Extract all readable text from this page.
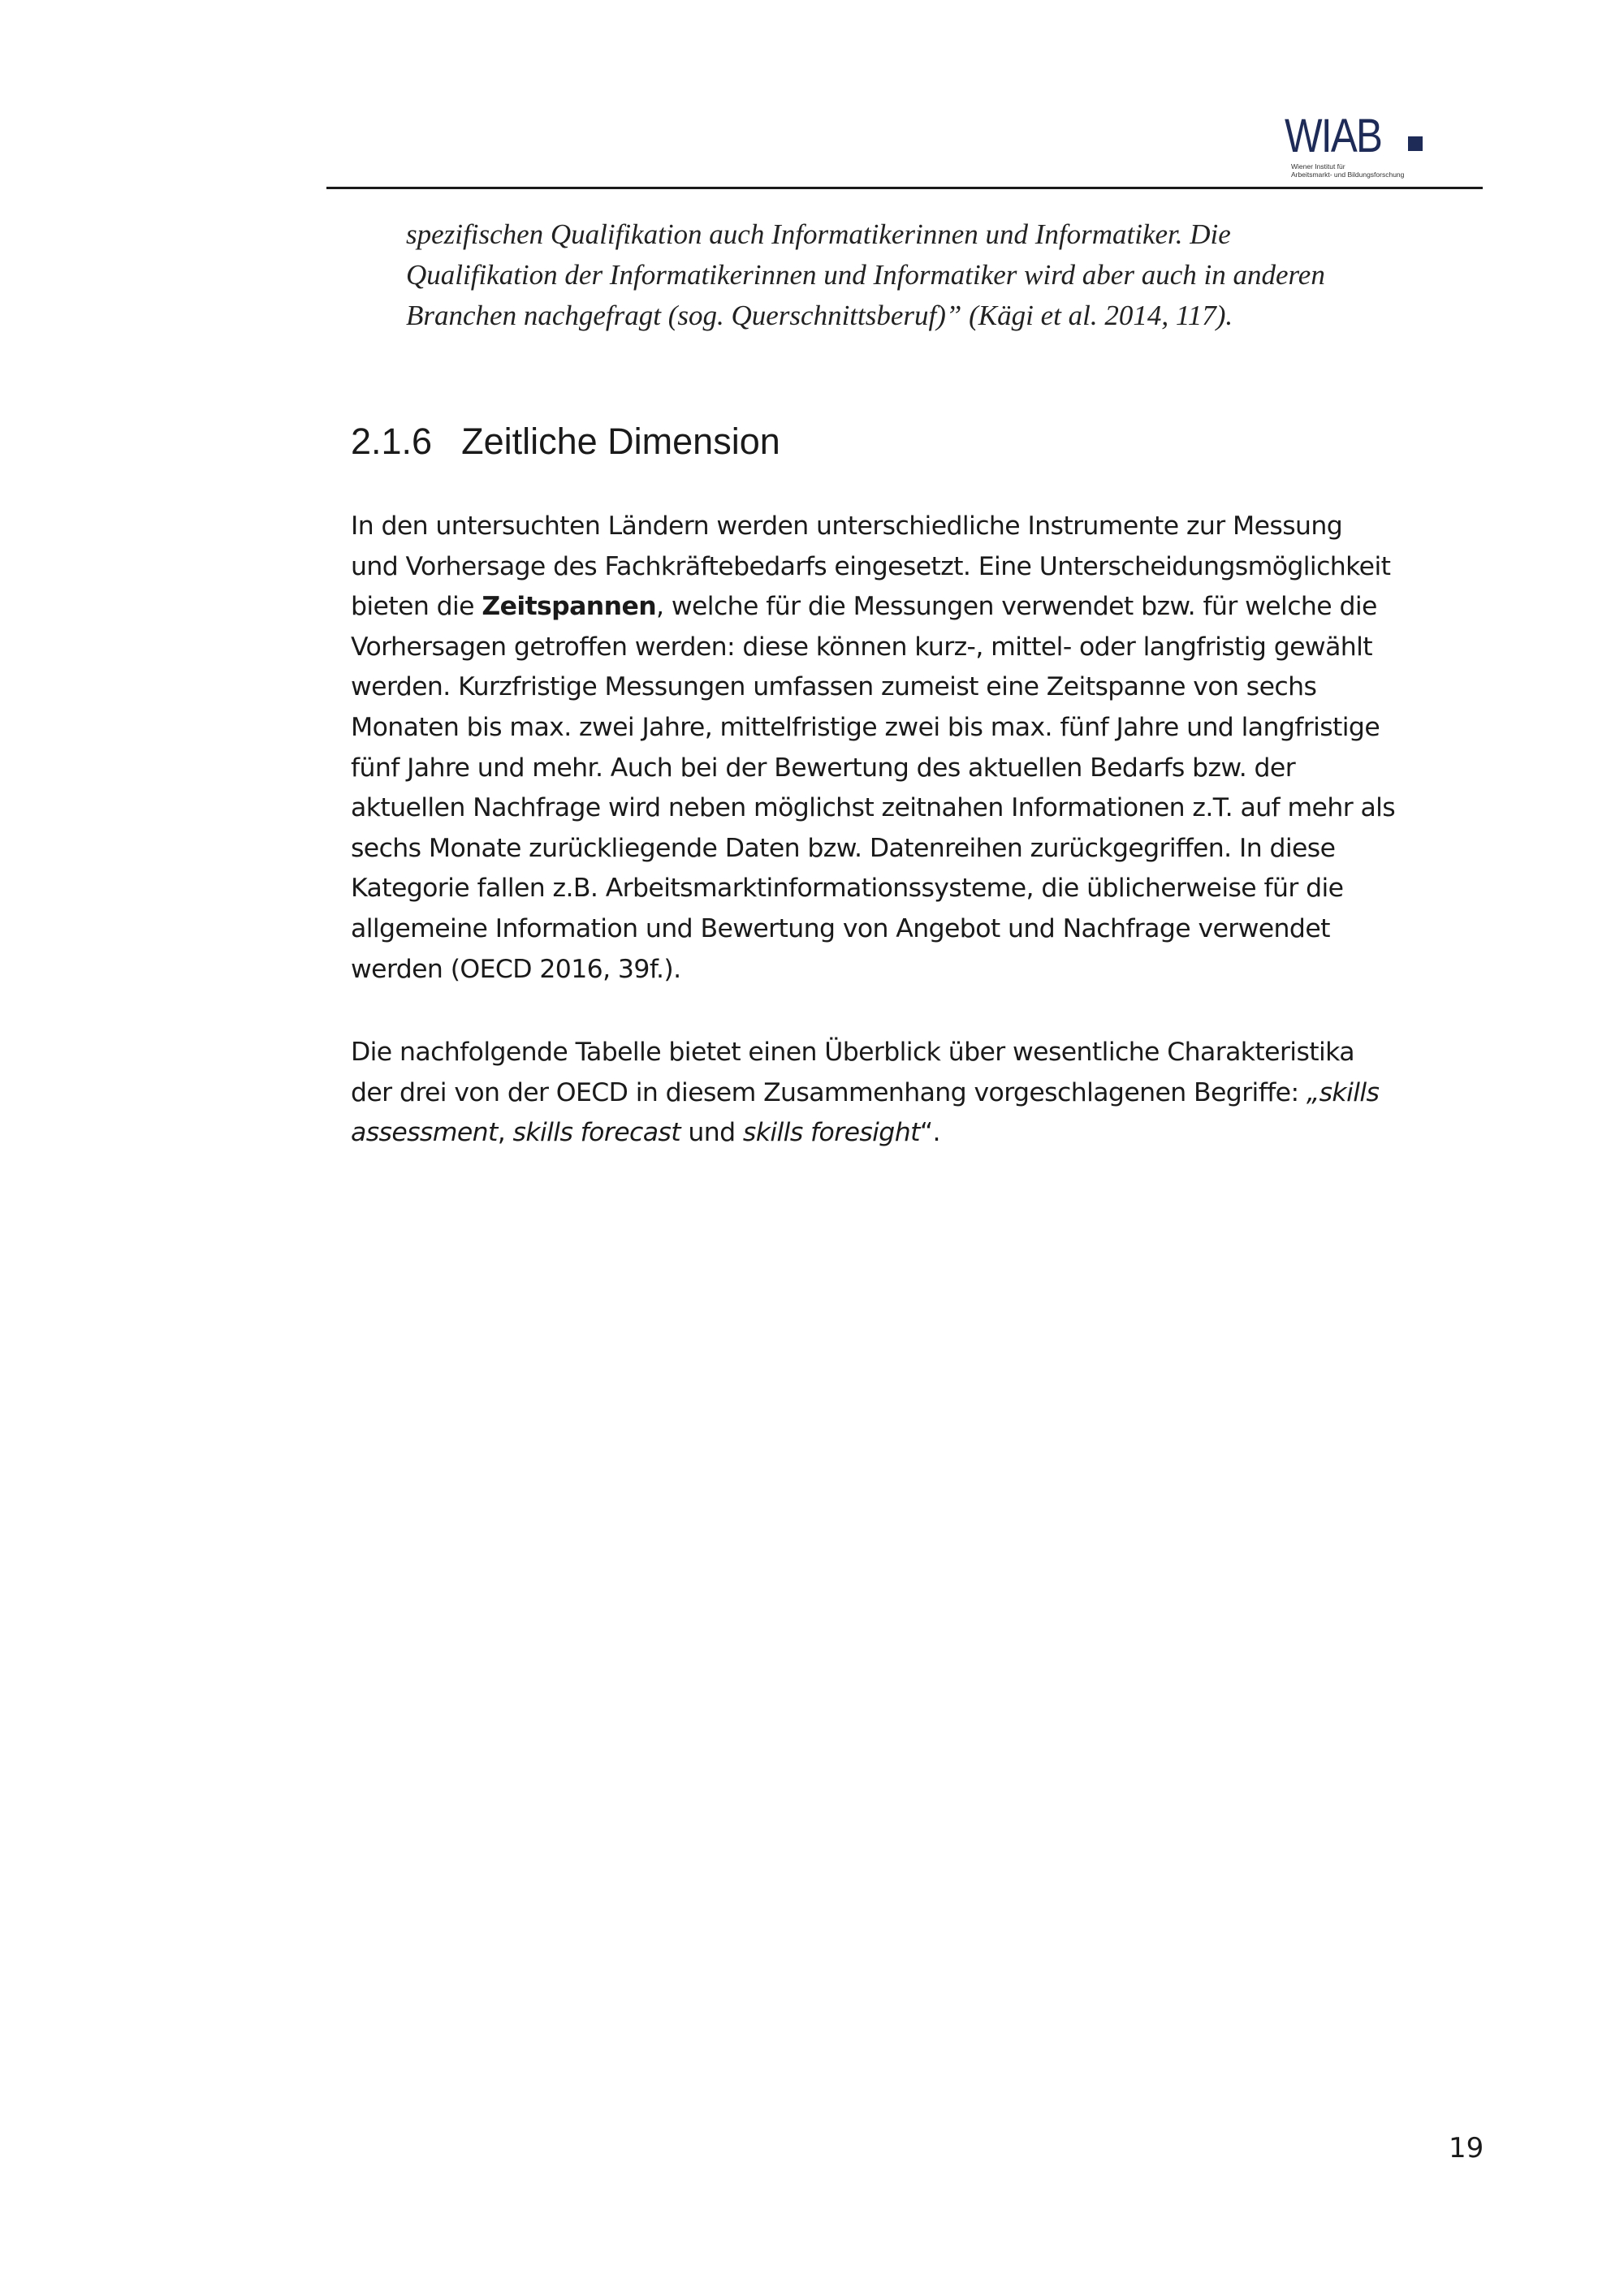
WIAB
Wiener Institut für
Arbeitsmarkt- und Bildungsforschung

spezifischen Qualifikation auch Informatikerinnen und Informatiker. Die

Qualifikation der Informatikerinnen und Informatiker wird aber auch in anderen

Branchen nachgefragt (sog. Querschnittsberuf)” (Kägi et al. 2014, 117).

2.1.6 Zeitliche Dimension

In den untersuchten Ländern werden unterschiedliche Instrumente zur Messung

und Vorhersage des Fachkräftebedarfs eingesetzt. Eine Unterscheidungsmöglichkeit

bieten die Zeitspannen, welche für die Messungen verwendet bzw. für welche die

Vorhersagen getroffen werden: diese können kurz-, mittel- oder langfristig gewählt

werden. Kurzfristige Messungen umfassen zumeist eine Zeitspanne von sechs

Monaten bis max. zwei Jahre, mittelfristige zwei bis max. fünf Jahre und langfristige

fünf Jahre und mehr. Auch bei der Bewertung des aktuellen Bedarfs bzw. der

aktuellen Nachfrage wird neben möglichst zeitnahen Informationen z.T. auf mehr als

sechs Monate zurückliegende Daten bzw. Datenreihen zurückgegriffen. In diese

Kategorie fallen z.B. Arbeitsmarktinformationssysteme, die üblicherweise für die

allgemeine Information und Bewertung von Angebot und Nachfrage verwendet

werden (OECD 2016, 39f.).

Die nachfolgende Tabelle bietet einen Überblick über wesentliche Charakteristika

der drei von der OECD in diesem Zusammenhang vorgeschlagenen Begriffe: „skills

assessment, skills forecast und skills foresight“.

19
